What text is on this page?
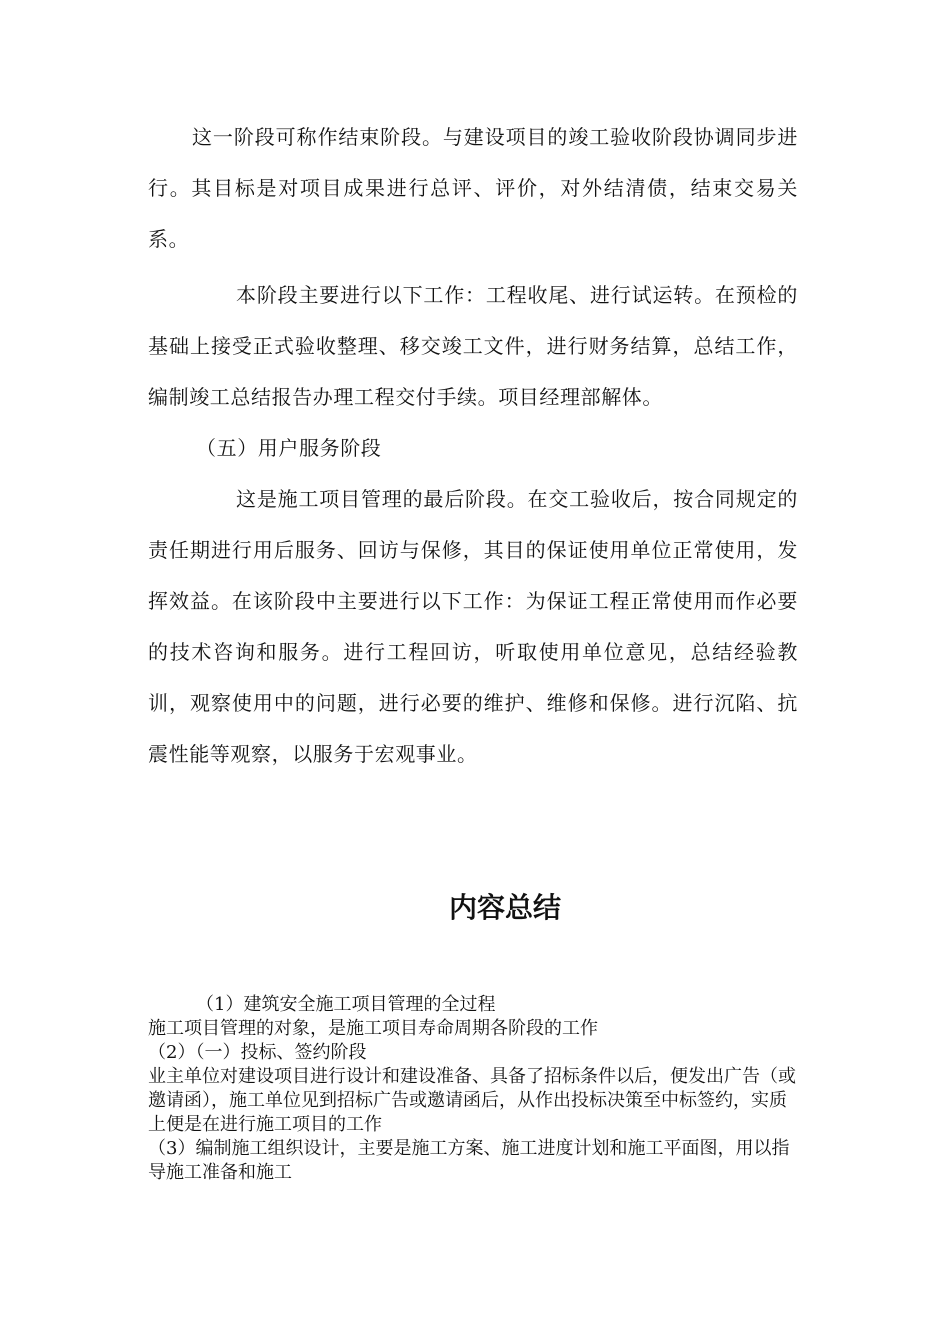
这一阶段可称作结束阶段。与建设项目的竣工验收阶段协调同步进行。其目标是对项目成果进行总评、评价，对外结清债，结束交易关系。

本阶段主要进行以下工作：工程收尾、进行试运转。在预检的基础上接受正式验收整理、移交竣工文件，进行财务结算，总结工作，编制竣工总结报告办理工程交付手续。项目经理部解体。

（五）用户服务阶段

这是施工项目管理的最后阶段。在交工验收后，按合同规定的责任期进行用后服务、回访与保修，其目的保证使用单位正常使用，发挥效益。在该阶段中主要进行以下工作：为保证工程正常使用而作必要的技术咨询和服务。进行工程回访，听取使用单位意见，总结经验教训，观察使用中的问题，进行必要的维护、维修和保修。进行沉陷、抗震性能等观察，以服务于宏观事业。

内容总结

（1）建筑安全施工项目管理的全过程

施工项目管理的对象，是施工项目寿命周期各阶段的工作

（2）（一）投标、签约阶段

业主单位对建设项目进行设计和建设准备、具备了招标条件以后，便发出广告（或邀请函），施工单位见到招标广告或邀请函后，从作出投标决策至中标签约，实质上便是在进行施工项目的工作

（3）编制施工组织设计，主要是施工方案、施工进度计划和施工平面图，用以指导施工准备和施工
